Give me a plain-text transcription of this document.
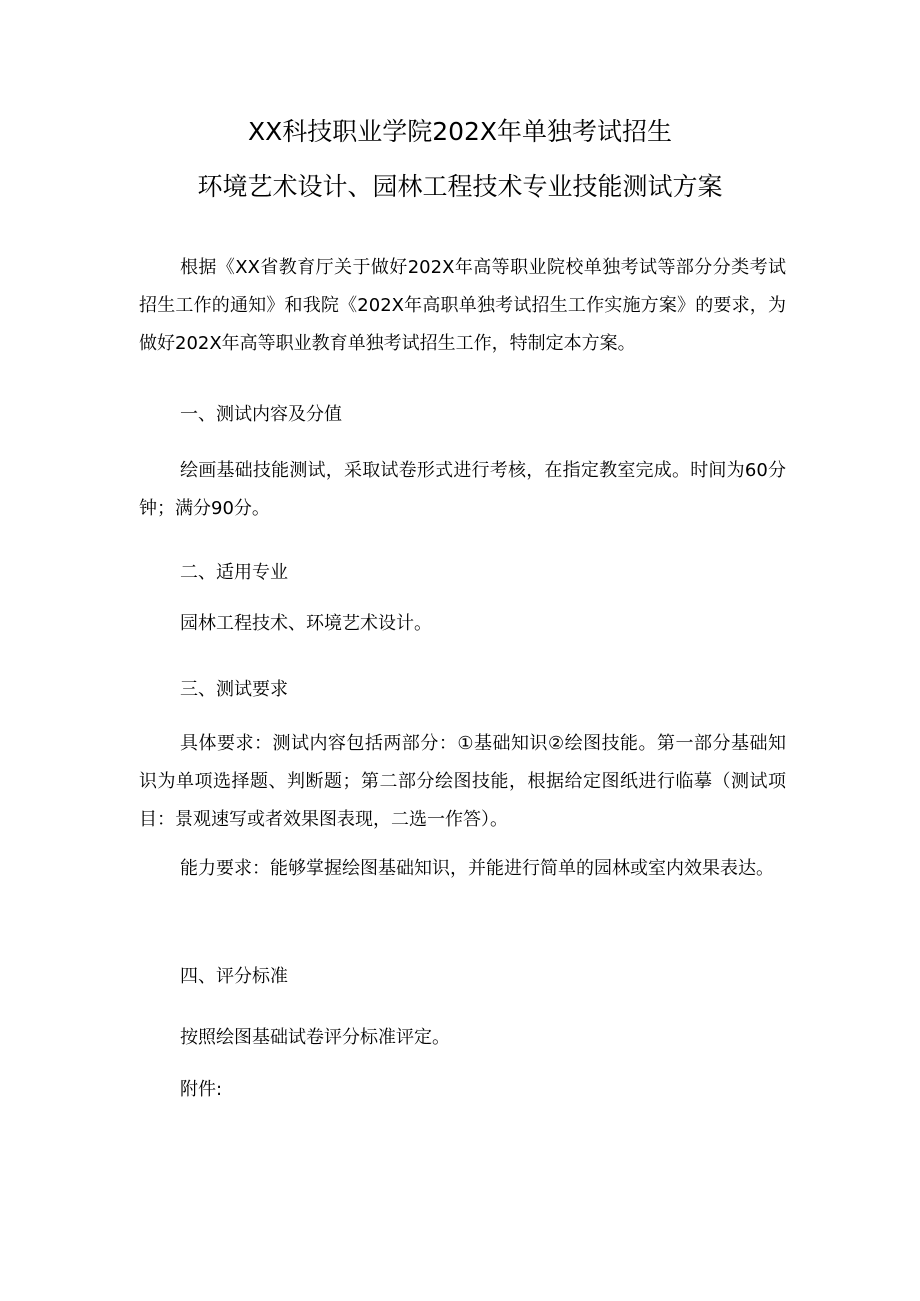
XX科技职业学院202X年单独考试招生
环境艺术设计、园林工程技术专业技能测试方案

根据《XX省教育厅关于做好202X年高等职业院校单独考试等部分分类考试招生工作的通知》和我院《202X年高职单独考试招生工作实施方案》的要求，为做好202X年高等职业教育单独考试招生工作，特制定本方案。

一、测试内容及分值

绘画基础技能测试，采取试卷形式进行考核，在指定教室完成。时间为60分钟；满分90分。

二、适用专业

园林工程技术、环境艺术设计。

三、测试要求

具体要求：测试内容包括两部分：①基础知识②绘图技能。第一部分基础知识为单项选择题、判断题；第二部分绘图技能，根据给定图纸进行临摹（测试项目：景观速写或者效果图表现，二选一作答）。

能力要求：能够掌握绘图基础知识，并能进行简单的园林或室内效果表达。

四、评分标准

按照绘图基础试卷评分标准评定。

附件:
